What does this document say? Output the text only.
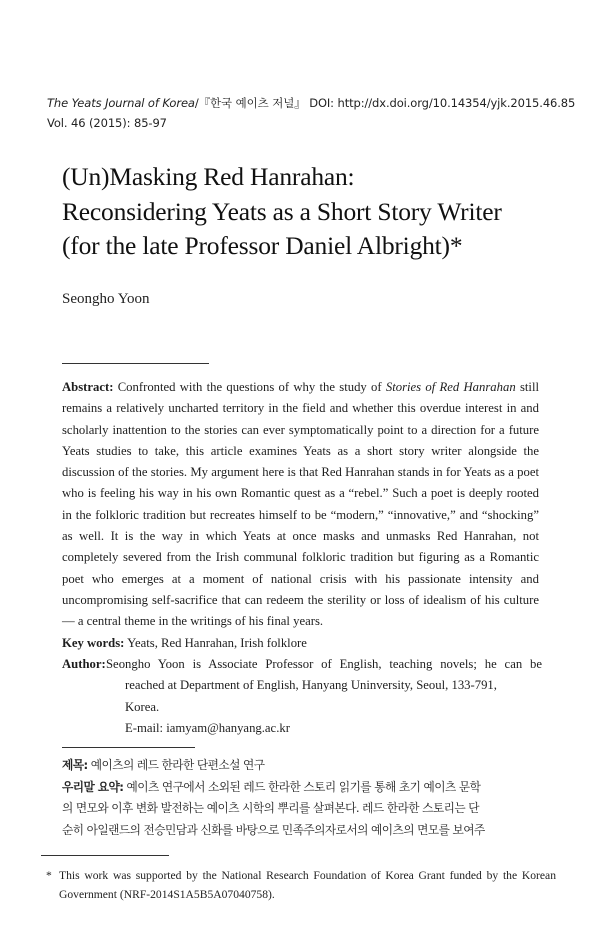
The Yeats Journal of Korea/『한국 예이츠 저널』 DOI: http://dx.doi.org/10.14354/yjk.2015.46.85
Vol. 46 (2015): 85-97
(Un)Masking Red Hanrahan:
Reconsidering Yeats as a Short Story Writer
(for the late Professor Daniel Albright)*
Seongho Yoon
Abstract: Confronted with the questions of why the study of Stories of Red Hanrahan still remains a relatively uncharted territory in the field and whether this overdue interest in and scholarly inattention to the stories can ever symptomatically point to a direction for a future Yeats studies to take, this article examines Yeats as a short story writer alongside the discussion of the stories. My argument here is that Red Hanrahan stands in for Yeats as a poet who is feeling his way in his own Romantic quest as a “rebel.” Such a poet is deeply rooted in the folkloric tradition but recreates himself to be “modern,” “innovative,” and “shocking” as well. It is the way in which Yeats at once masks and unmasks Red Hanrahan, not completely severed from the Irish communal folkloric tradition but figuring as a Romantic poet who emerges at a moment of national crisis with his passionate intensity and uncompromising self-sacrifice that can redeem the sterility or loss of idealism of his culture ― a central theme in the writings of his final years.
Key words: Yeats, Red Hanrahan, Irish folklore
Author: Seongho Yoon is Associate Professor of English, teaching novels; he can be
reached at Department of English, Hanyang Uninversity, Seoul, 133-791,
Korea.
E-mail: iamyam@hanyang.ac.kr
제목: 예이츠의 레드 한라한 단편소설 연구
우리말 요약: 예이츠 연구에서 소외된 레드 한라한 스토리 읽기를 통해 초기 예이츠 문학
의 면모와 이후 변화 발전하는 예이츠 시학의 뿌리를 살펴본다. 레드 한라한 스토리는 단
순히 아일랜드의 전승민담과 신화를 바탕으로 민족주의자로서의 예이츠의 면모를 보여주
* This work was supported by the National Research Foundation of Korea Grant funded by the Korean Government (NRF-2014S1A5B5A07040758).
